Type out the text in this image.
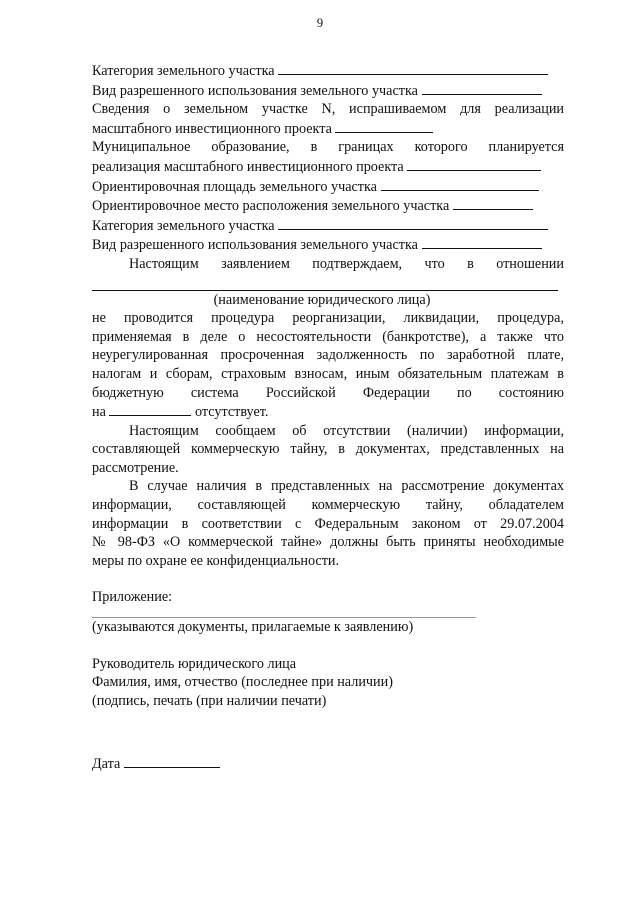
9
Категория земельного участка
Вид разрешенного использования земельного участка
Сведения о земельном участке N, испрашиваемом для реализации
масштабного инвестиционного проекта
Муниципальное образование, в границах которого планируется
реализация масштабного инвестиционного проекта
Ориентировочная площадь земельного участка
Ориентировочное место расположения земельного участка
Категория земельного участка
Вид разрешенного использования земельного участка
Настоящим заявлением подтверждаем, что в отношении
(наименование юридического лица)
не проводится процедура реорганизации, ликвидации, процедура,
применяемая в деле о несостоятельности (банкротстве), а также что
неурегулированная просроченная задолженность по заработной плате,
налогам и сборам, страховым взносам, иным обязательным платежам в
бюджетную система Российской Федерации по состоянию
на	отсутствует.
Настоящим сообщаем об отсутствии (наличии) информации,
составляющей коммерческую тайну, в документах, представленных на
рассмотрение.
В случае наличия в представленных на рассмотрение документах
информации, составляющей коммерческую тайну, обладателем
информации в соответствии с Федеральным законом от 29.07.2004
№ 98-ФЗ «О коммерческой тайне» должны быть приняты необходимые
меры по охране ее конфиденциальности.
Приложение:
(указываются документы, прилагаемые к заявлению)
Руководитель юридического лица
Фамилия, имя, отчество (последнее при наличии)
(подпись, печать (при наличии печати)
Дата
